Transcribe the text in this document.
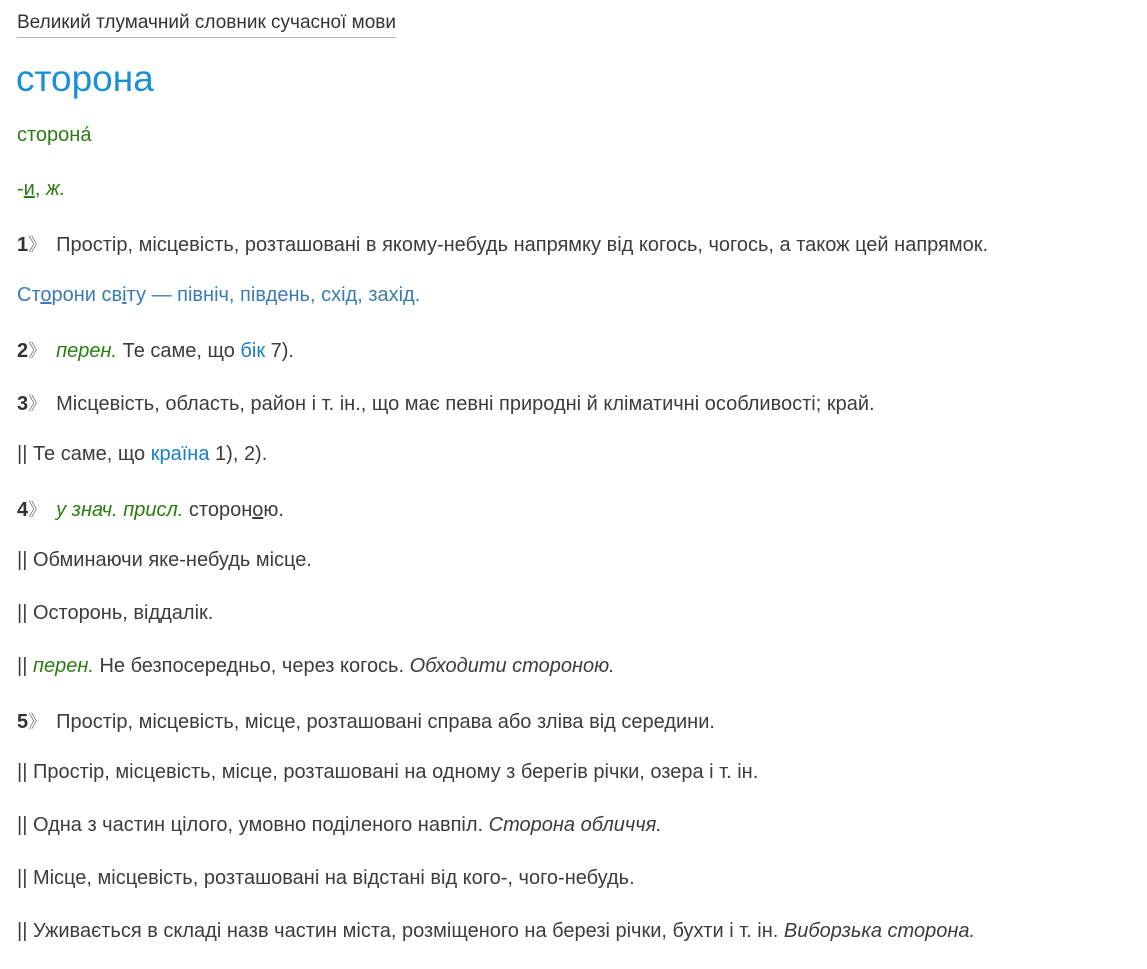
Великий тлумачний словник сучасної мови
сторона
сторона́
-и, ж.
1》 Простір, місцевість, розташовані в якому-небудь напрямку від когось, чогось, а також цей напрямок.
Сторони світу — північ, південь, схід, захід.
2》 перен. Те саме, що бік 7).
3》 Місцевість, область, район і т. ін., що має певні природні й кліматичні особливості; край.
|| Те саме, що країна 1), 2).
4》 у знач. присл. стороною.
|| Обминаючи яке-небудь місце.
|| Осторонь, віддалік.
|| перен. Не безпосередньо, через когось. Обходити стороною.
5》 Простір, місцевість, місце, розташовані справа або зліва від середини.
|| Простір, місцевість, місце, розташовані на одному з берегів річки, озера і т. ін.
|| Одна з частин цілого, умовно поділеного навпіл. Сторона обличчя.
|| Місце, місцевість, розташовані на відстані від кого-, чого-небудь.
|| Уживається в складі назв частин міста, розміщеного на березі річки, бухти і т. ін. Виборзька сторона.
